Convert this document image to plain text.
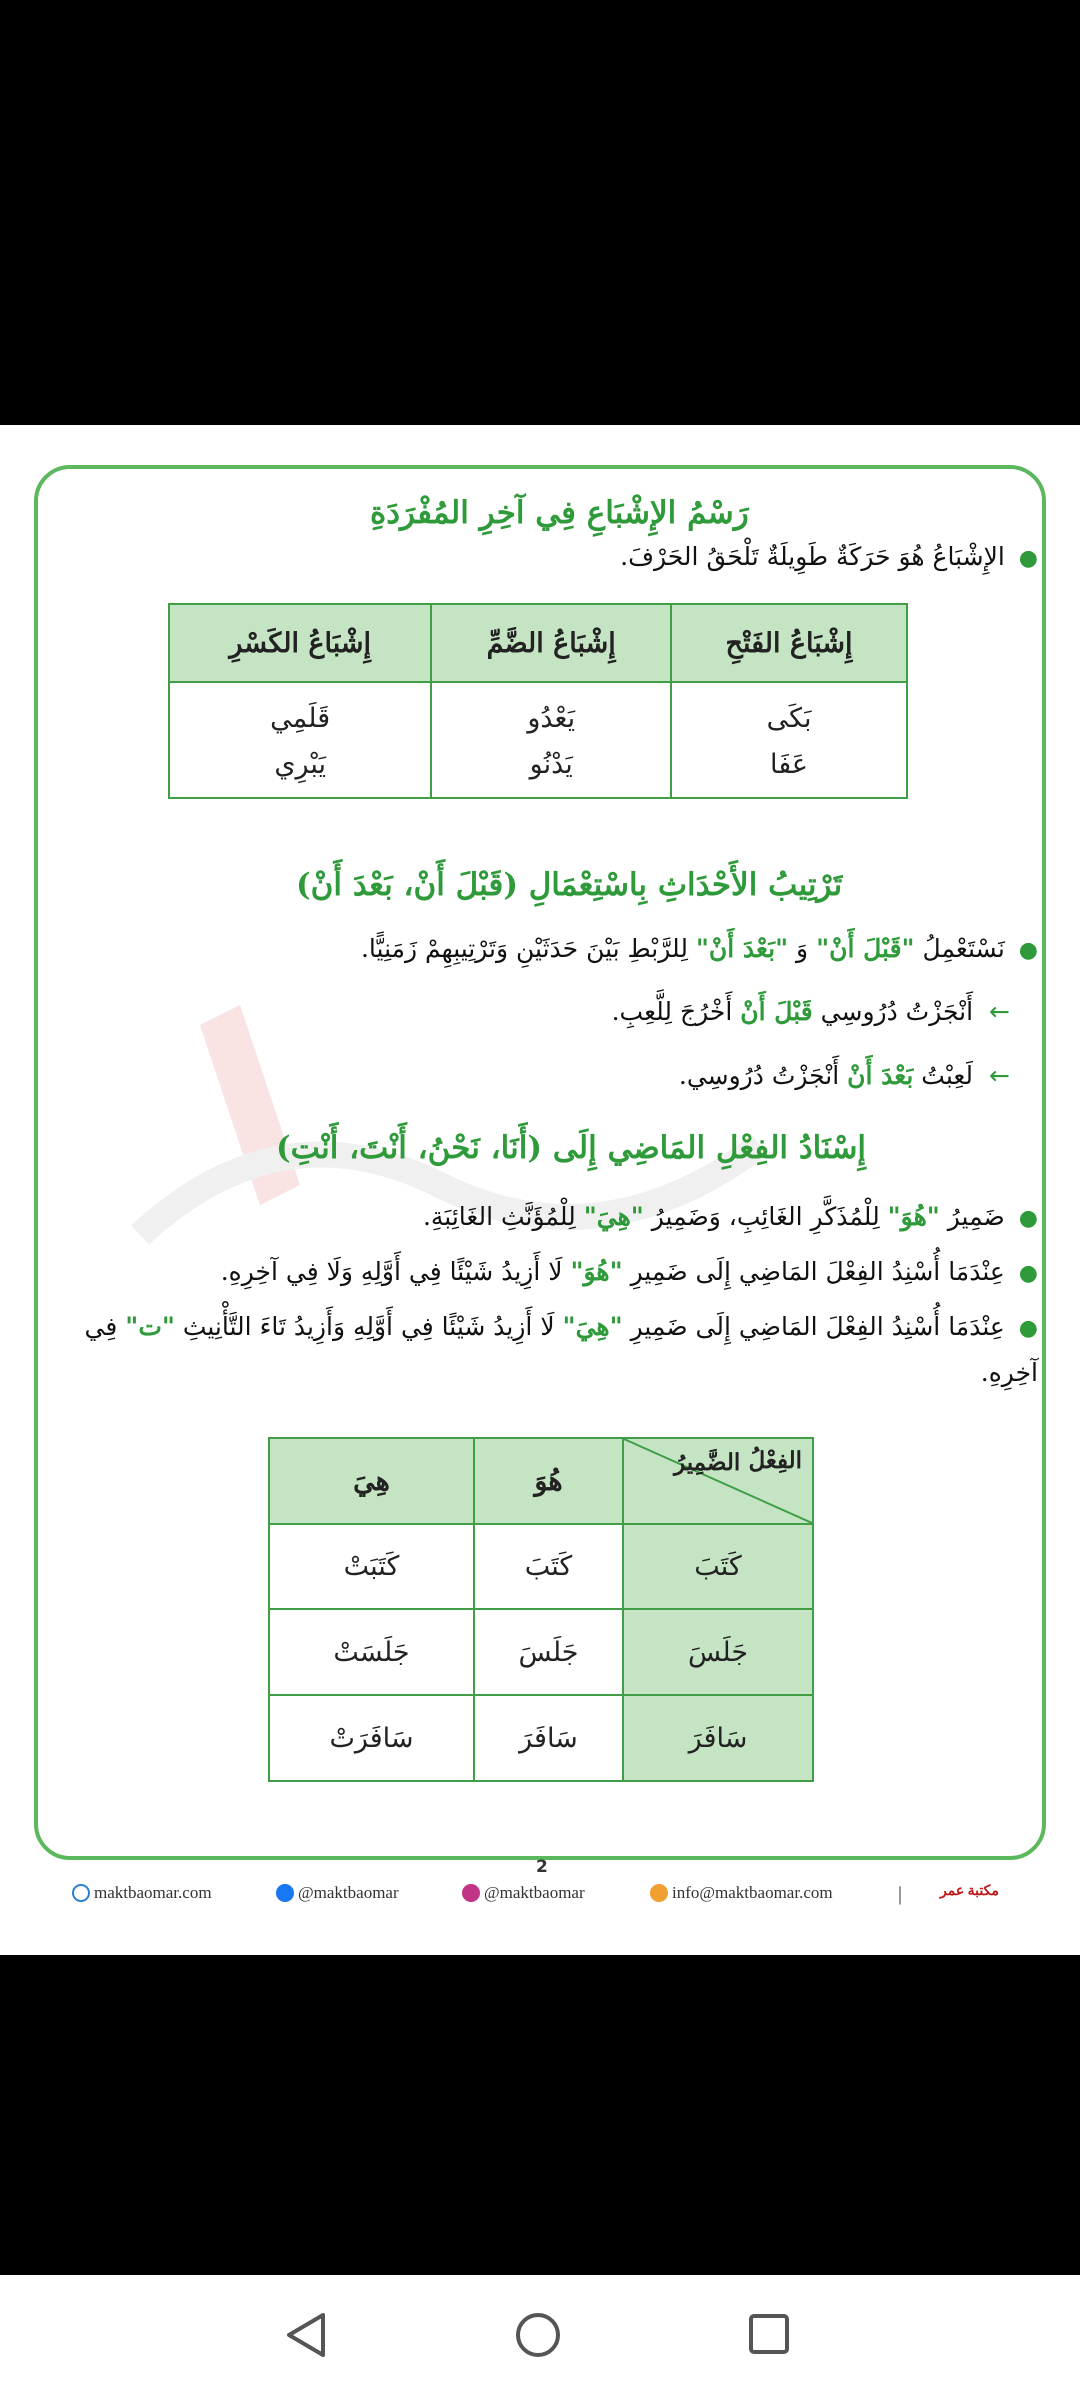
رَسْمُ الإِشْبَاعِ فِي آخِرِ المُفْرَدَةِ
●الإِشْبَاعُ هُوَ حَرَكَةٌ طَوِيلَةٌ تَلْحَقُ الحَرْفَ.
إِشْبَاعُ الفَتْحِ	إِشْبَاعُ الضَّمِّ	إِشْبَاعُ الكَسْرِ
بَكَى	يَعْدُو	قَلَمِي
عَفَا	يَدْنُو	يَبْرِي
تَرْتِيبُ الأَحْدَاثِ بِاسْتِعْمَالِ (قَبْلَ أَنْ، بَعْدَ أَنْ)
●نَسْتَعْمِلُ "قَبْلَ أَنْ" وَ "بَعْدَ أَنْ" لِلرَّبْطِ بَيْنَ حَدَثَيْنِ وَتَرْتِيبِهِمْ زَمَنِيًّا.
←أَنْجَزْتُ دُرُوسِي قَبْلَ أَنْ أَخْرُجَ لِلَّعِبِ.
←لَعِبْتُ بَعْدَ أَنْ أَنْجَزْتُ دُرُوسِي.
إِسْنَادُ الفِعْلِ المَاضِي إِلَى (أَنَا، نَحْنُ، أَنْتَ، أَنْتِ)
●ضَمِيرُ "هُوَ" لِلْمُذَكَّرِ الغَائِبِ، وَضَمِيرُ "هِيَ" لِلْمُؤَنَّثِ الغَائِبَةِ.
●عِنْدَمَا أُسْنِدُ الفِعْلَ المَاضِي إِلَى ضَمِيرِ "هُوَ" لَا أَزِيدُ شَيْئًا فِي أَوَّلِهِ وَلَا فِي آخِرِهِ.
●عِنْدَمَا أُسْنِدُ الفِعْلَ المَاضِي إِلَى ضَمِيرِ "هِيَ" لَا أَزِيدُ شَيْئًا فِي أَوَّلِهِ وَأَزِيدُ تَاءَ التَّأْنِيثِ "ت" فِي آخِرِهِ.
الفِعْلُ
الضَّمِيرُ	هُوَ	هِيَ
كَتَبَ	كَتَبَ	كَتَبَتْ
جَلَسَ	جَلَسَ	جَلَسَتْ
سَافَرَ	سَافَرَ	سَافَرَتْ
2
maktbaomar.com	@maktbaomar	@maktbaomar	info@maktbaomar.com	|	مكتبة عمر
